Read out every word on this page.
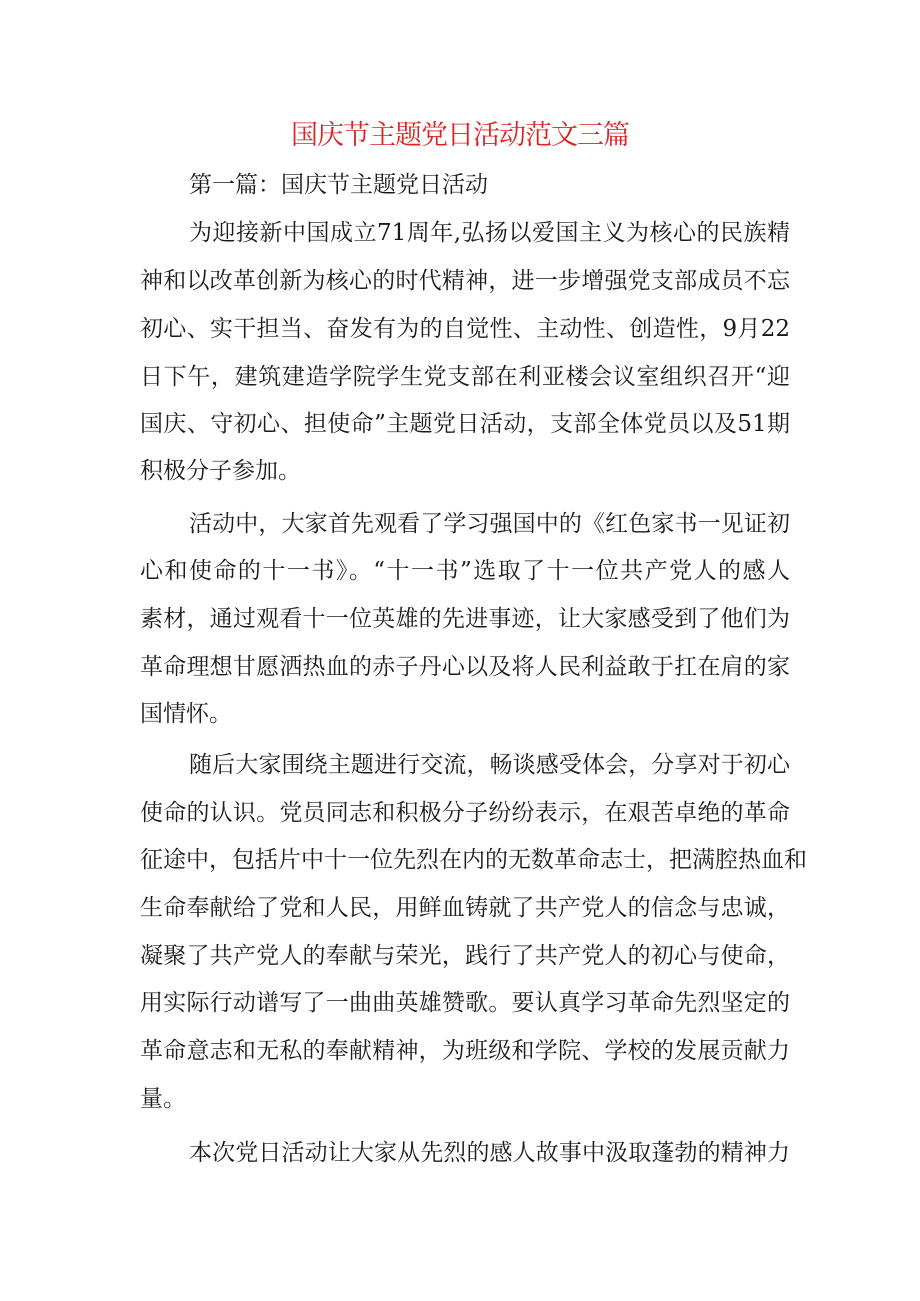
国庆节主题党日活动范文三篇

第一篇：国庆节主题党日活动

为迎接新中国成立71周年,弘扬以爱国主义为核心的民族精

神和以改革创新为核心的时代精神，进一步增强党支部成员不忘

初心、实干担当、奋发有为的自觉性、主动性、创造性，9月22

日下午，建筑建造学院学生党支部在利亚楼会议室组织召开“迎

国庆、守初心、担使命”主题党日活动，支部全体党员以及51期

积极分子参加。

活动中，大家首先观看了学习强国中的《红色家书一见证初

心和使命的十一书》。“十一书”选取了十一位共产党人的感人

素材，通过观看十一位英雄的先进事迹，让大家感受到了他们为

革命理想甘愿洒热血的赤子丹心以及将人民利益敢于扛在肩的家

国情怀。

随后大家围绕主题进行交流，畅谈感受体会，分享对于初心

使命的认识。党员同志和积极分子纷纷表示，在艰苦卓绝的革命

征途中，包括片中十一位先烈在内的无数革命志士，把满腔热血和

生命奉献给了党和人民，用鲜血铸就了共产党人的信念与忠诚，

凝聚了共产党人的奉献与荣光，践行了共产党人的初心与使命，

用实际行动谱写了一曲曲英雄赞歌。要认真学习革命先烈坚定的

革命意志和无私的奉献精神，为班级和学院、学校的发展贡献力

量。

本次党日活动让大家从先烈的感人故事中汲取蓬勃的精神力
